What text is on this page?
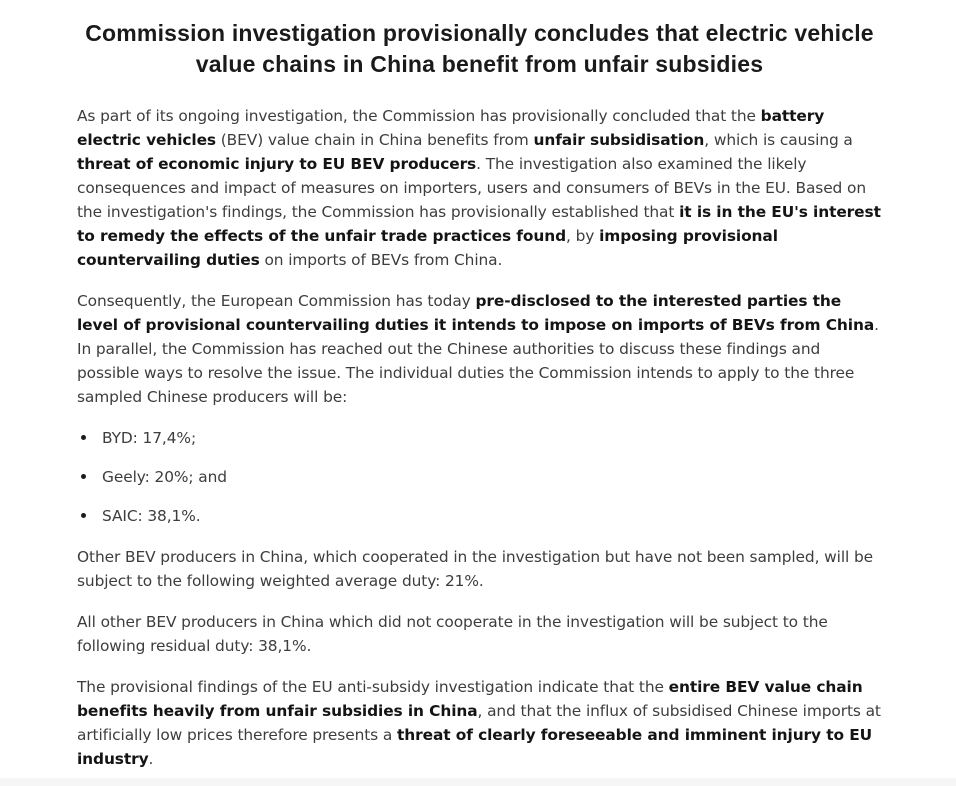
Commission investigation provisionally concludes that electric vehicle value chains in China benefit from unfair subsidies

As part of its ongoing investigation, the Commission has provisionally concluded that the battery electric vehicles (BEV) value chain in China benefits from unfair subsidisation, which is causing a threat of economic injury to EU BEV producers. The investigation also examined the likely consequences and impact of measures on importers, users and consumers of BEVs in the EU. Based on the investigation's findings, the Commission has provisionally established that it is in the EU's interest to remedy the effects of the unfair trade practices found, by imposing provisional countervailing duties on imports of BEVs from China.

Consequently, the European Commission has today pre-disclosed to the interested parties the level of provisional countervailing duties it intends to impose on imports of BEVs from China. In parallel, the Commission has reached out the Chinese authorities to discuss these findings and possible ways to resolve the issue. The individual duties the Commission intends to apply to the three sampled Chinese producers will be:

BYD: 17,4%;
Geely: 20%; and
SAIC: 38,1%.

Other BEV producers in China, which cooperated in the investigation but have not been sampled, will be subject to the following weighted average duty: 21%.

All other BEV producers in China which did not cooperate in the investigation will be subject to the following residual duty: 38,1%.

The provisional findings of the EU anti-subsidy investigation indicate that the entire BEV value chain benefits heavily from unfair subsidies in China, and that the influx of subsidised Chinese imports at artificially low prices therefore presents a threat of clearly foreseeable and imminent injury to EU industry.
